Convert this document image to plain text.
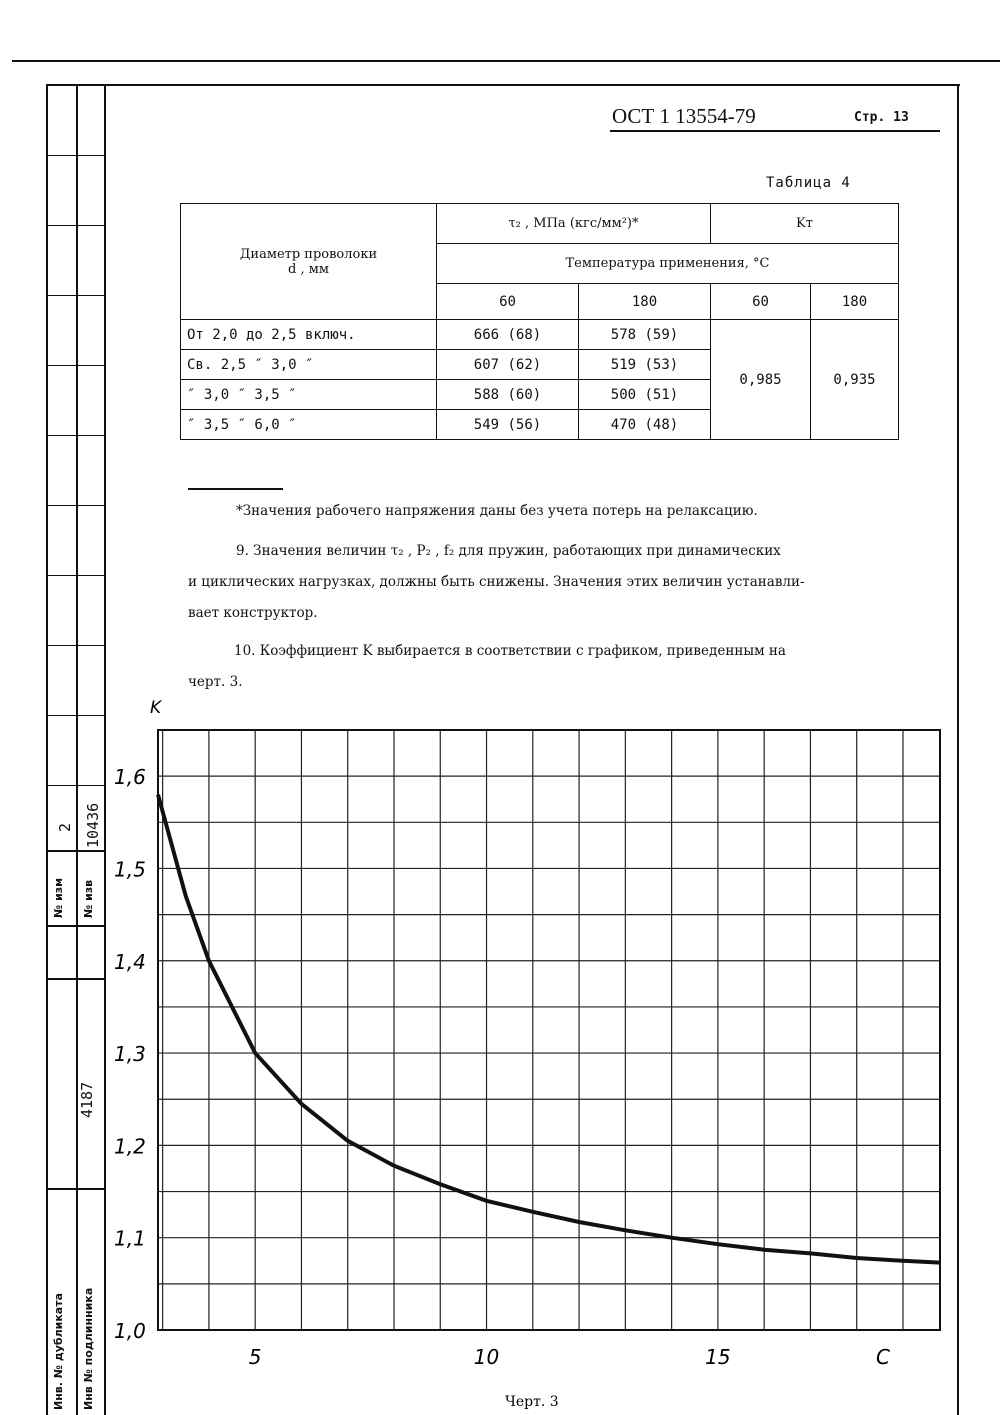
№ изм № изв
2 10436
4187
Инв. № дубликата Инв № подлинника
ОСТ 1 13554-79	Стр. 13
Таблица 4
Диаметр проволоки
d , мм	τ₂ , МПа (кгс/мм²)*		Kт	
	Температура применения, °С			
	60	180	60	180
От 2,0 до 2,5 включ.	666 (68)	578 (59)	0,985	0,935
Св. 2,5 ″ 3,0 ″	607 (62)	519 (53)		
″ 3,0 ″ 3,5 ″	588 (60)	500 (51)		
″ 3,5 ″ 6,0 ″	549 (56)	470 (48)		
*Значения рабочего напряжения даны без учета потерь на релаксацию.
9. Значения величин τ₂ , P₂ , f₂ для пружин, работающих при динамических
и циклических нагрузках, должны быть снижены. Значения этих величин устанавли-
вает конструктор.
10. Коэффициент K выбирается в соответствии с графиком, приведенным на
черт. 3.
1,0
1,1
1,2
1,3
1,4
1,5
1,6
5	10	15
K
C
Черт. 3
